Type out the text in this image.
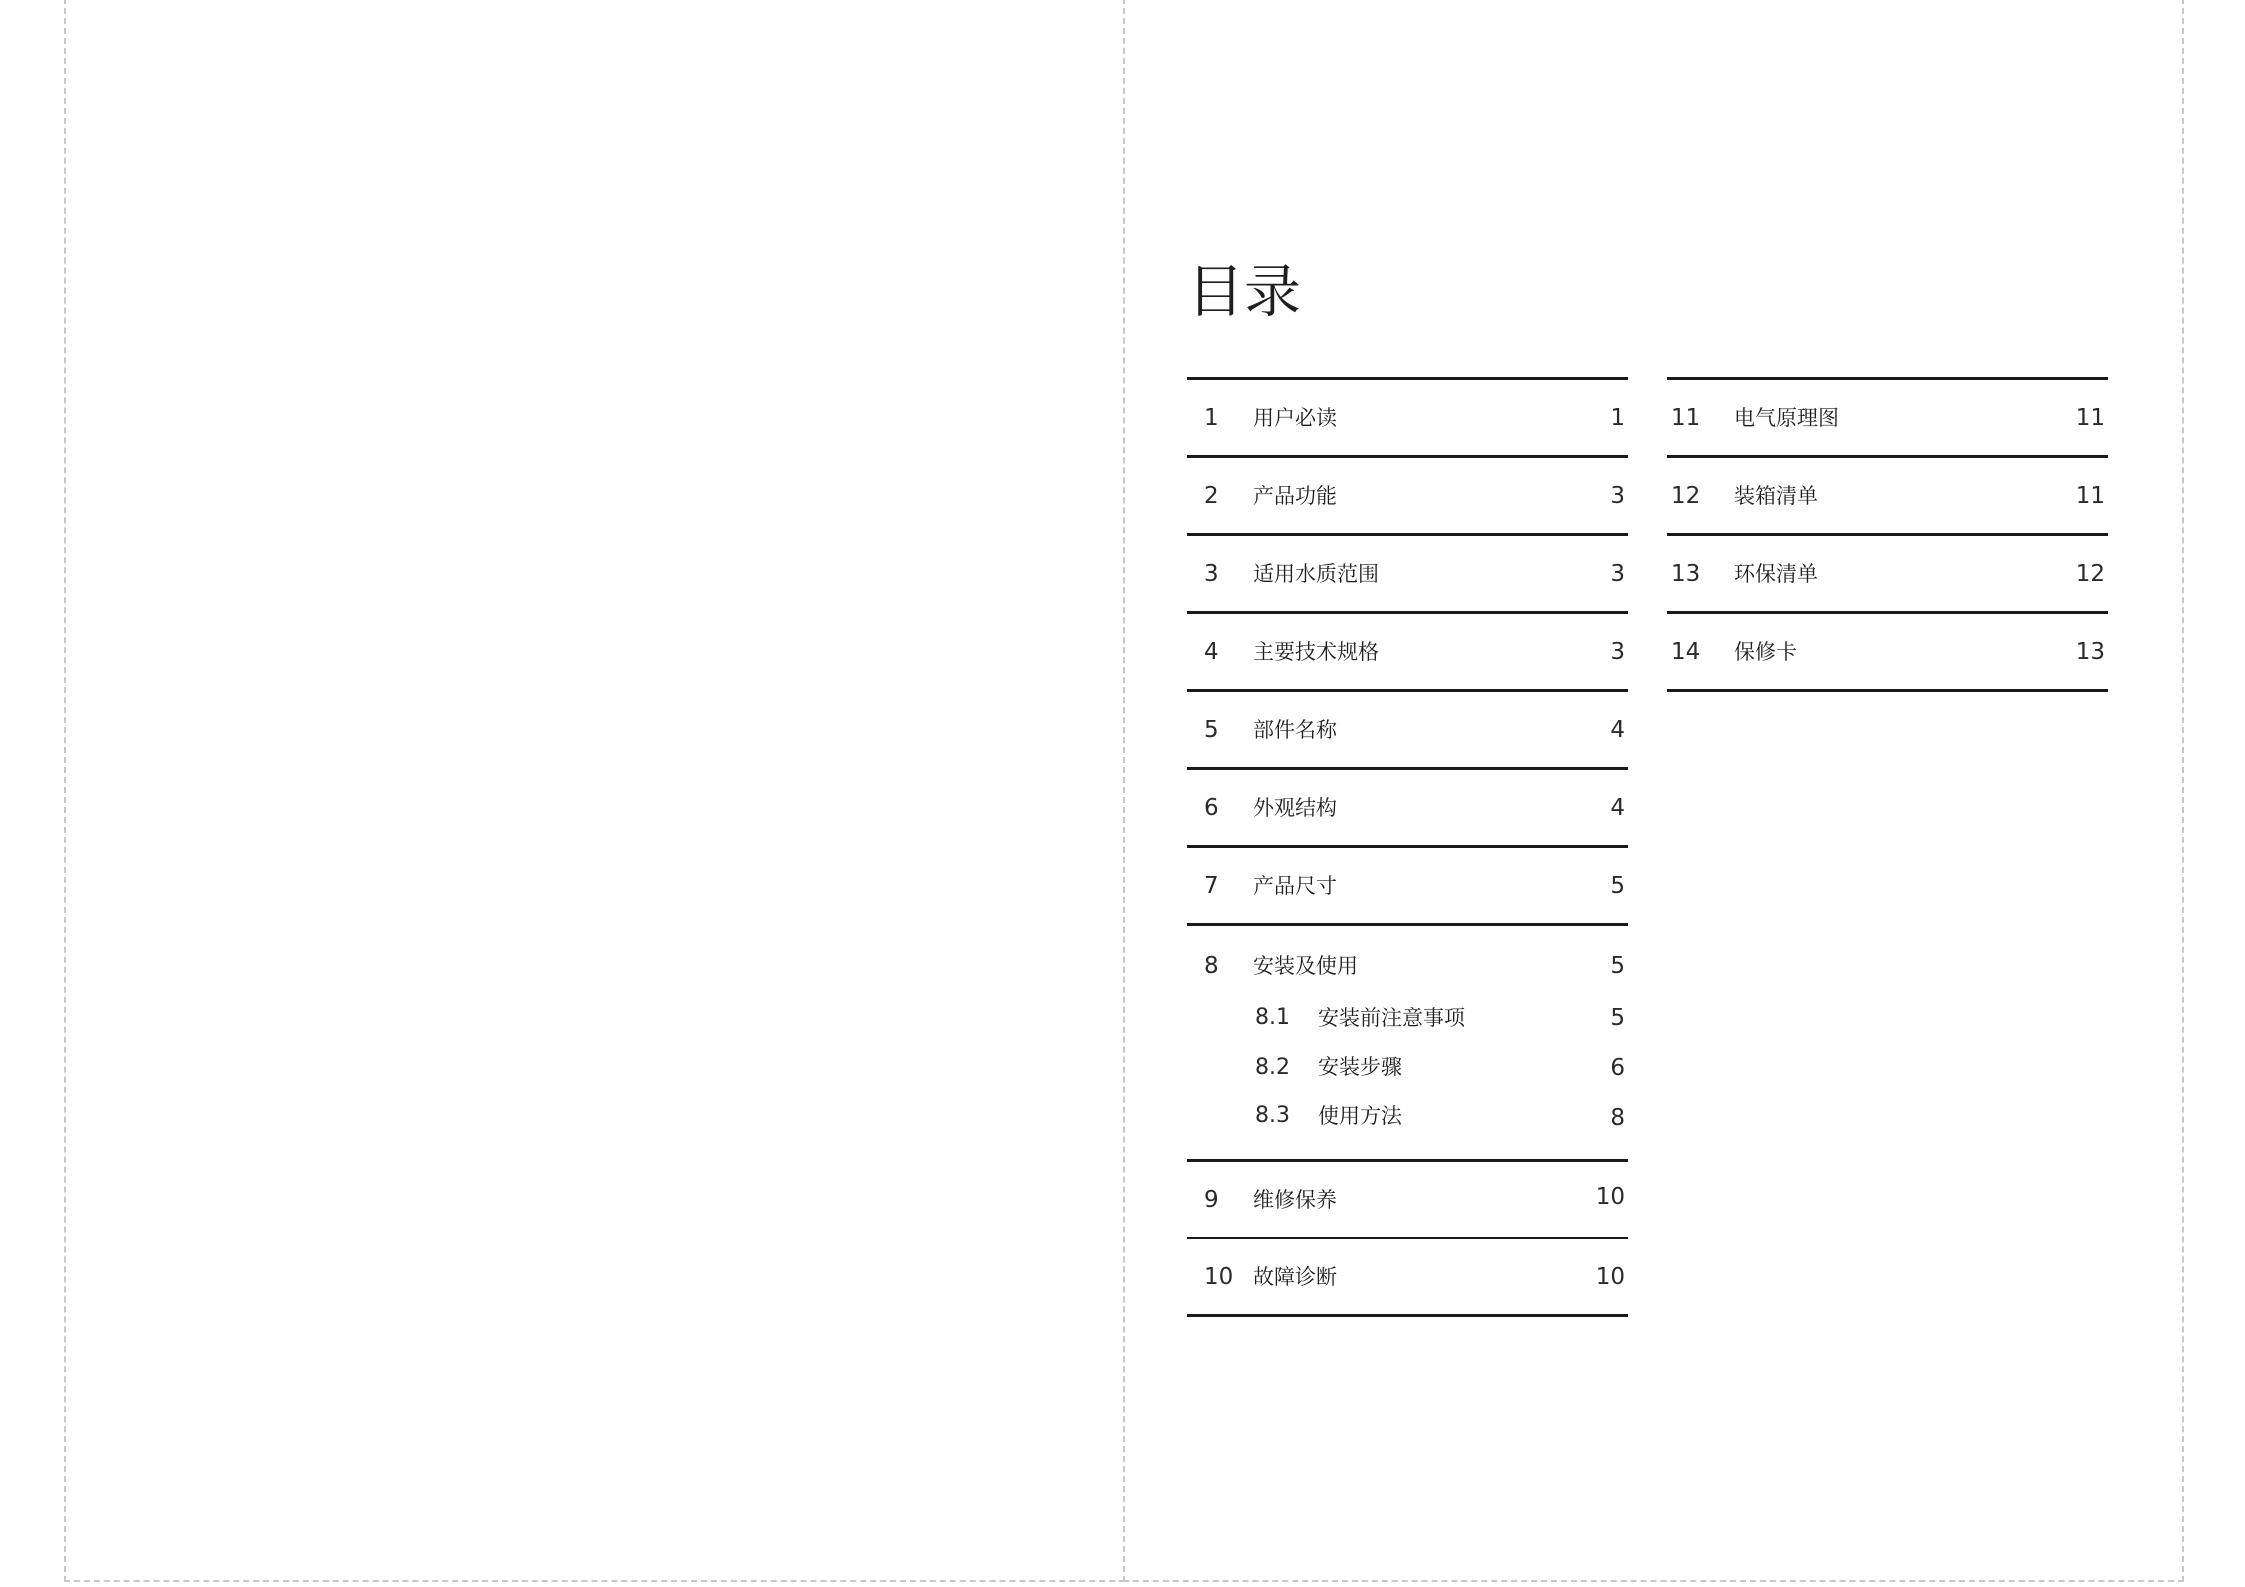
目录
1 用户必读	1
2 产品功能	3
3 适用水质范围	3
4 主要技术规格	3
5 部件名称	4
6 外观结构	4
7 产品尺寸	5
8 安装及使用	5
8.1 安装前注意事项	5
8.2 安装步骤	6
8.3 使用方法	8
9 维修保养	10
10 故障诊断	10
11 电气原理图	11
12 装箱清单	11
13 环保清单	12
14 保修卡	13
